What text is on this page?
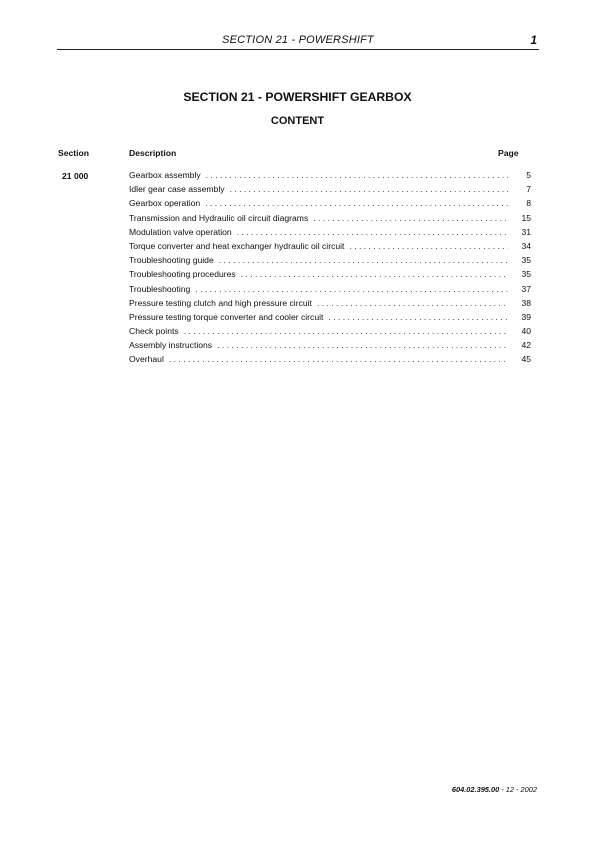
SECTION 21 - POWERSHIFT	1
SECTION 21 - POWERSHIFT GEARBOX
CONTENT
Section	Description	Page
21 000	Gearbox assembly . . .	5
Idler gear case assembly . . .	7
Gearbox operation . . .	8
Transmission and Hydraulic oil circuit diagrams . . .	15
Modulation valve operation . . .	31
Torque converter and heat exchanger hydraulic oil circuit . . .	34
Troubleshooting guide . . .	35
Troubleshooting procedures . . .	35
Troubleshooting . . .	37
Pressure testing clutch and high pressure circuit . . .	38
Pressure testing torque converter and cooler circuit . . .	39
Check points . . .	40
Assembly instructions . . .	42
Overhaul . . .	45
604.02.395.00 - 12 - 2002
